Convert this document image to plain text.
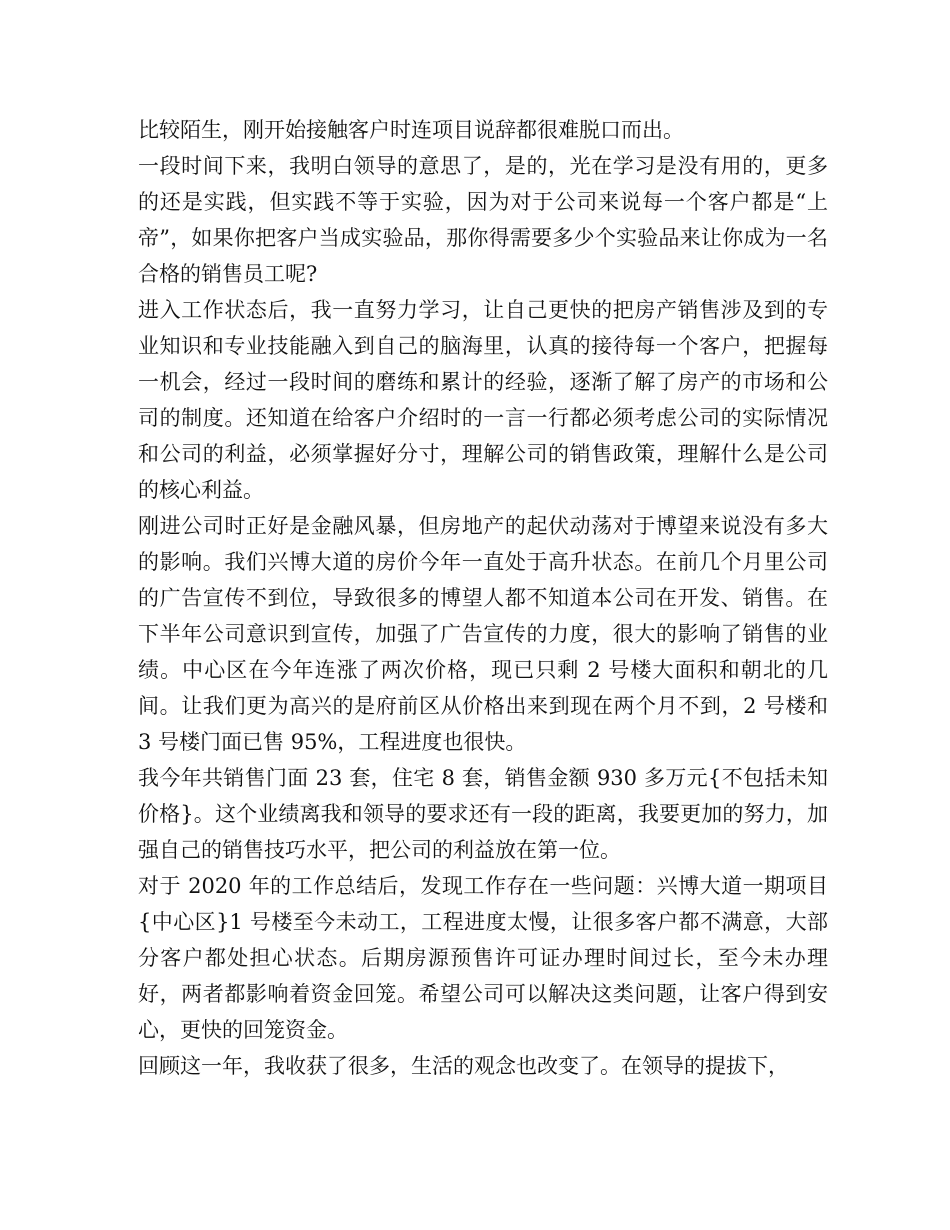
比较陌生，刚开始接触客户时连项目说辞都很难脱口而出。

一段时间下来，我明白领导的意思了，是的，光在学习是没有用的，更多的还是实践，但实践不等于实验，因为对于公司来说每一个客户都是“上帝”，如果你把客户当成实验品，那你得需要多少个实验品来让你成为一名合格的销售员工呢?

进入工作状态后，我一直努力学习，让自己更快的把房产销售涉及到的专业知识和专业技能融入到自己的脑海里，认真的接待每一个客户，把握每一机会，经过一段时间的磨练和累计的经验，逐渐了解了房产的市场和公司的制度。还知道在给客户介绍时的一言一行都必须考虑公司的实际情况和公司的利益，必须掌握好分寸，理解公司的销售政策，理解什么是公司的核心利益。

刚进公司时正好是金融风暴，但房地产的起伏动荡对于博望来说没有多大的影响。我们兴博大道的房价今年一直处于高升状态。在前几个月里公司的广告宣传不到位，导致很多的博望人都不知道本公司在开发、销售。在下半年公司意识到宣传，加强了广告宣传的力度，很大的影响了销售的业绩。中心区在今年连涨了两次价格，现已只剩 2 号楼大面积和朝北的几间。让我们更为高兴的是府前区从价格出来到现在两个月不到，2 号楼和 3 号楼门面已售 95%，工程进度也很快。

我今年共销售门面 23 套，住宅 8 套，销售金额 930 多万元{不包括未知价格}。这个业绩离我和领导的要求还有一段的距离，我要更加的努力，加强自己的销售技巧水平，把公司的利益放在第一位。

对于 2020 年的工作总结后，发现工作存在一些问题：兴博大道一期项目{中心区}1 号楼至今未动工，工程进度太慢，让很多客户都不满意，大部分客户都处担心状态。后期房源预售许可证办理时间过长，至今未办理好，两者都影响着资金回笼。希望公司可以解决这类问题，让客户得到安心，更快的回笼资金。

回顾这一年，我收获了很多，生活的观念也改变了。在领导的提拔下，
